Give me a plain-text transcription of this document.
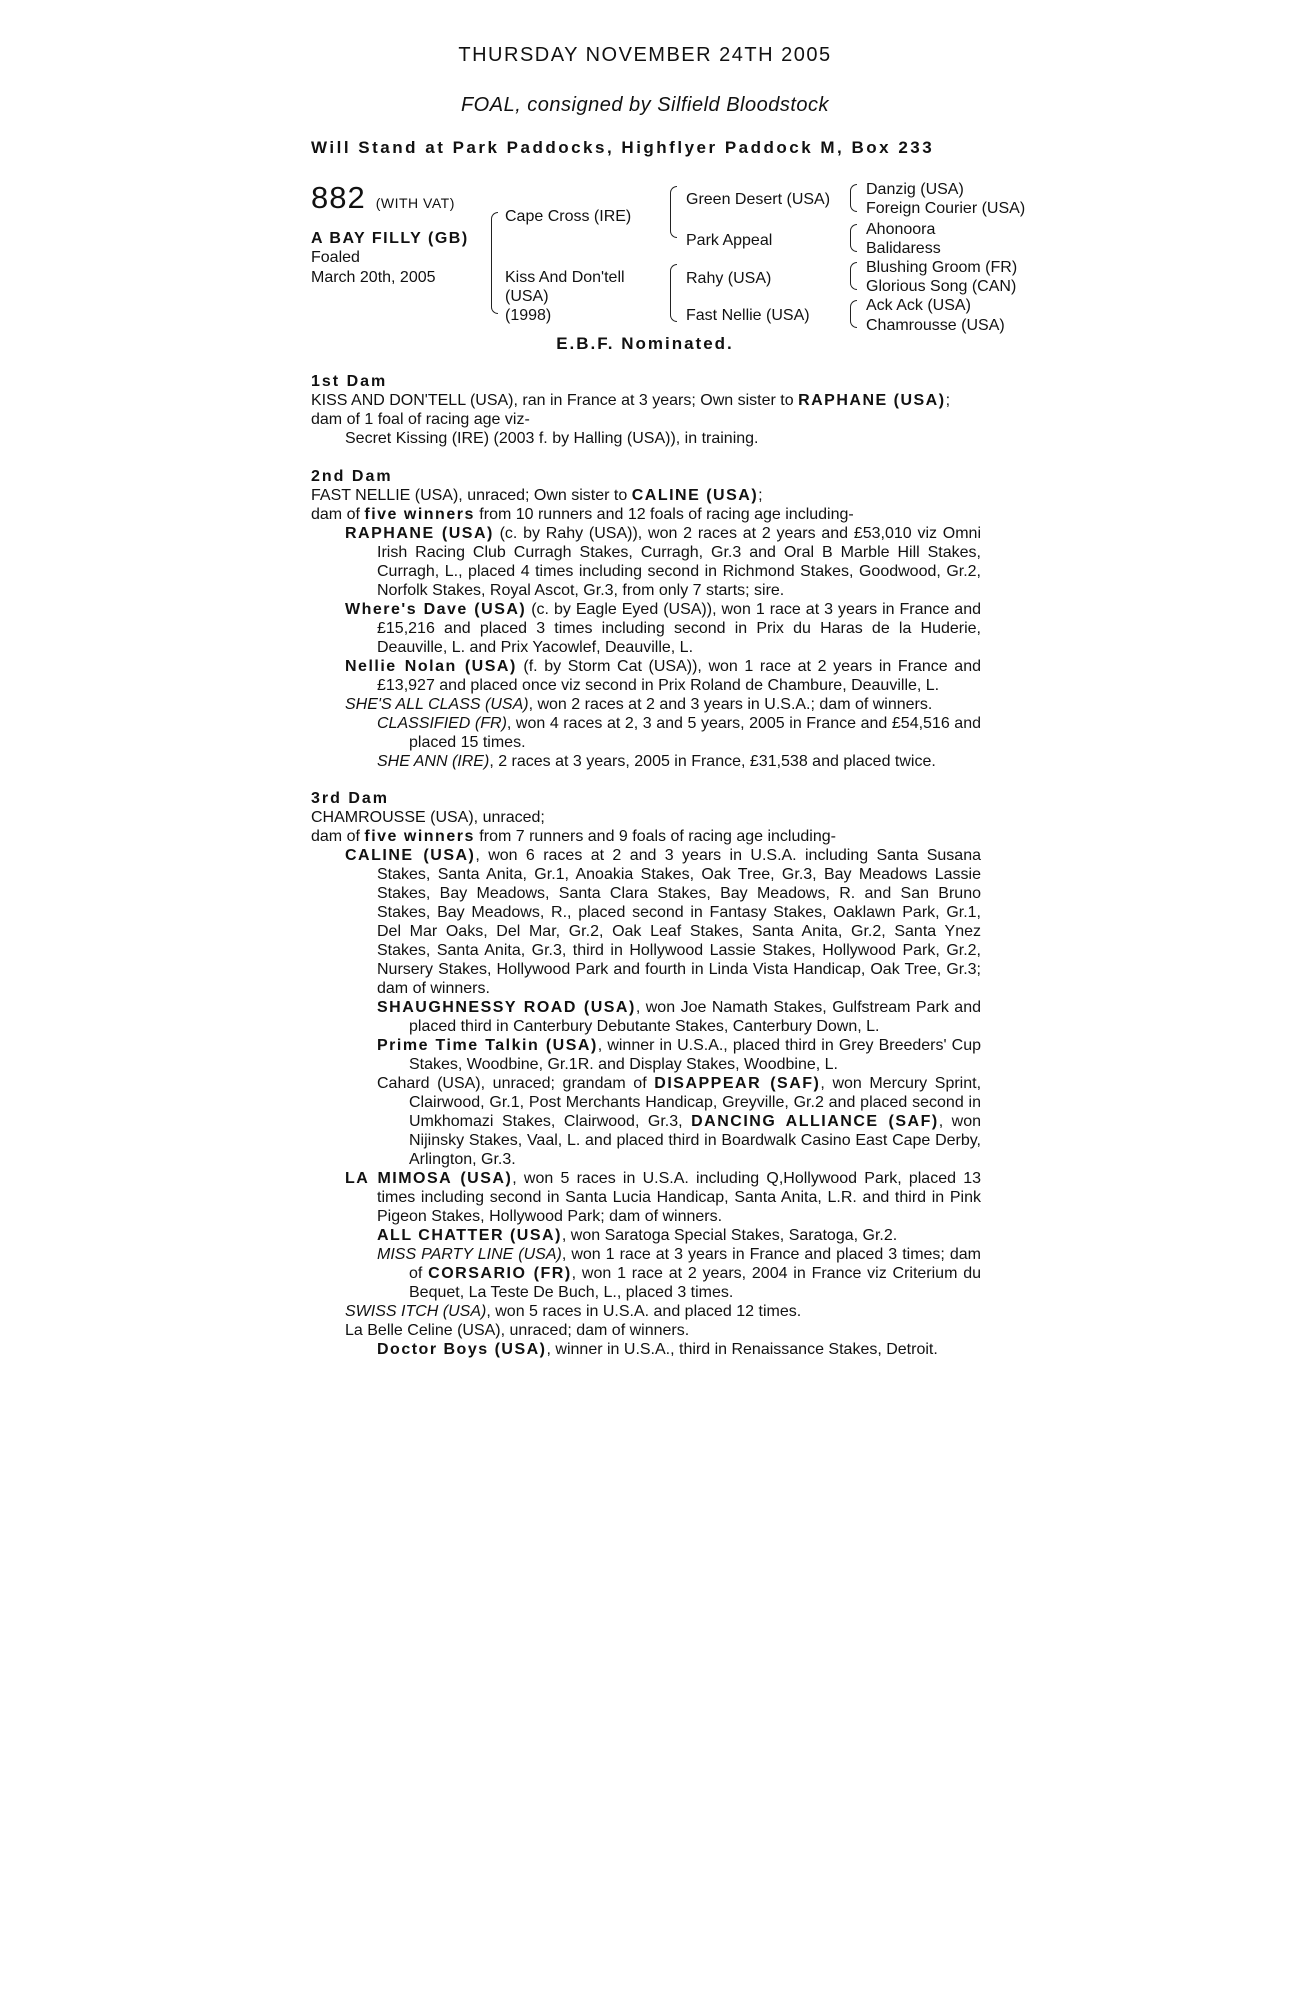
THURSDAY NOVEMBER 24TH 2005
FOAL, consigned by Silfield Bloodstock
Will Stand at Park Paddocks, Highflyer Paddock M, Box 233
882 (WITH VAT)
A BAY FILLY (GB)
Foaled
March 20th, 2005
Cape Cross (IRE)
Kiss And Don'tell
(USA)
(1998)
Green Desert (USA)
Park Appeal
Rahy (USA)
Fast Nellie (USA)
Danzig (USA)
Foreign Courier (USA)
Ahonoora
Balidaress
Blushing Groom (FR)
Glorious Song (CAN)
Ack Ack (USA)
Chamrousse (USA)
E.B.F. Nominated.
1st Dam

KISS AND DON'TELL (USA), ran in France at 3 years; Own sister to RAPHANE (USA);

dam of 1 foal of racing age viz-

Secret Kissing (IRE) (2003 f. by Halling (USA)), in training.

2nd Dam

FAST NELLIE (USA), unraced; Own sister to CALINE (USA);

dam of five winners from 10 runners and 12 foals of racing age including-

RAPHANE (USA) (c. by Rahy (USA)), won 2 races at 2 years and £53,010 viz Omni Irish Racing Club Curragh Stakes, Curragh, Gr.3 and Oral B Marble Hill Stakes, Curragh, L., placed 4 times including second in Richmond Stakes, Goodwood, Gr.2, Norfolk Stakes, Royal Ascot, Gr.3, from only 7 starts; sire.

Where's Dave (USA) (c. by Eagle Eyed (USA)), won 1 race at 3 years in France and £15,216 and placed 3 times including second in Prix du Haras de la Huderie, Deauville, L. and Prix Yacowlef, Deauville, L.

Nellie Nolan (USA) (f. by Storm Cat (USA)), won 1 race at 2 years in France and £13,927 and placed once viz second in Prix Roland de Chambure, Deauville, L.

SHE'S ALL CLASS (USA), won 2 races at 2 and 3 years in U.S.A.; dam of winners.

CLASSIFIED (FR), won 4 races at 2, 3 and 5 years, 2005 in France and £54,516 and placed 15 times.

SHE ANN (IRE), 2 races at 3 years, 2005 in France, £31,538 and placed twice.

3rd Dam

CHAMROUSSE (USA), unraced;

dam of five winners from 7 runners and 9 foals of racing age including-

CALINE (USA), won 6 races at 2 and 3 years in U.S.A. including Santa Susana Stakes, Santa Anita, Gr.1, Anoakia Stakes, Oak Tree, Gr.3, Bay Meadows Lassie Stakes, Bay Meadows, Santa Clara Stakes, Bay Meadows, R. and San Bruno Stakes, Bay Meadows, R., placed second in Fantasy Stakes, Oaklawn Park, Gr.1, Del Mar Oaks, Del Mar, Gr.2, Oak Leaf Stakes, Santa Anita, Gr.2, Santa Ynez Stakes, Santa Anita, Gr.3, third in Hollywood Lassie Stakes, Hollywood Park, Gr.2, Nursery Stakes, Hollywood Park and fourth in Linda Vista Handicap, Oak Tree, Gr.3; dam of winners.

SHAUGHNESSY ROAD (USA), won Joe Namath Stakes, Gulfstream Park and placed third in Canterbury Debutante Stakes, Canterbury Down, L.

Prime Time Talkin (USA), winner in U.S.A., placed third in Grey Breeders' Cup Stakes, Woodbine, Gr.1R. and Display Stakes, Woodbine, L.

Cahard (USA), unraced; grandam of DISAPPEAR (SAF), won Mercury Sprint, Clairwood, Gr.1, Post Merchants Handicap, Greyville, Gr.2 and placed second in Umkhomazi Stakes, Clairwood, Gr.3, DANCING ALLIANCE (SAF), won Nijinsky Stakes, Vaal, L. and placed third in Boardwalk Casino East Cape Derby, Arlington, Gr.3.

LA MIMOSA (USA), won 5 races in U.S.A. including Q,Hollywood Park, placed 13 times including second in Santa Lucia Handicap, Santa Anita, L.R. and third in Pink Pigeon Stakes, Hollywood Park; dam of winners.

ALL CHATTER (USA), won Saratoga Special Stakes, Saratoga, Gr.2.

MISS PARTY LINE (USA), won 1 race at 3 years in France and placed 3 times; dam of CORSARIO (FR), won 1 race at 2 years, 2004 in France viz Criterium du Bequet, La Teste De Buch, L., placed 3 times.

SWISS ITCH (USA), won 5 races in U.S.A. and placed 12 times.

La Belle Celine (USA), unraced; dam of winners.

Doctor Boys (USA), winner in U.S.A., third in Renaissance Stakes, Detroit.
